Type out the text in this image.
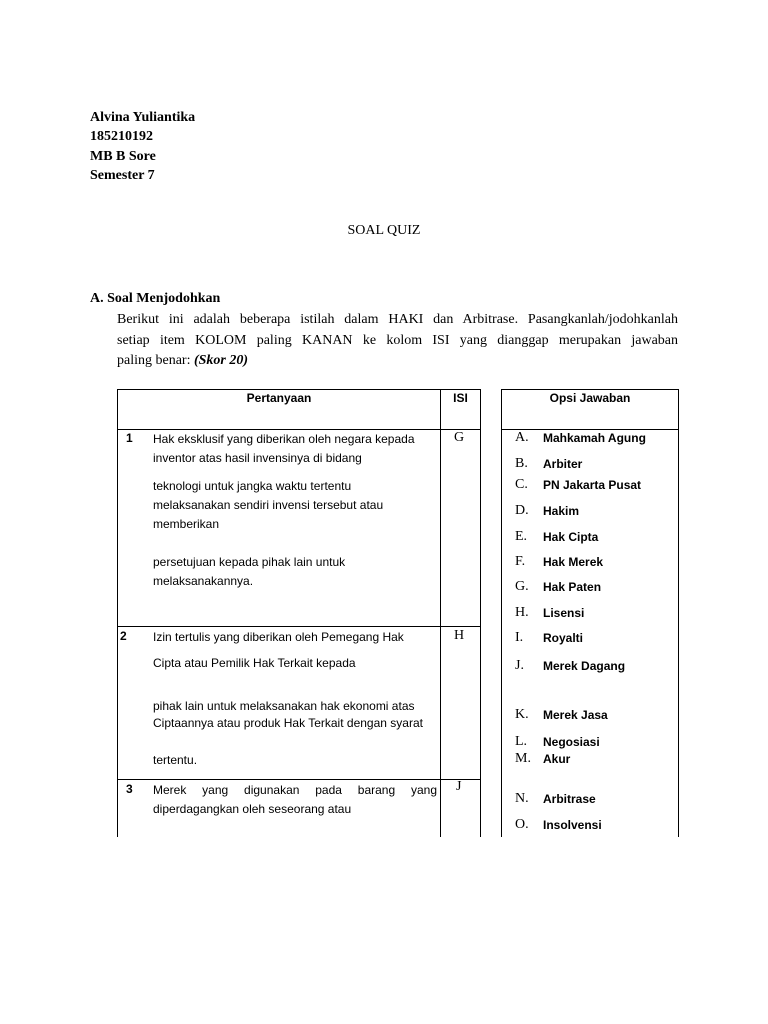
Alvina Yuliantika
185210192
MB B Sore
Semester 7
SOAL QUIZ
A. Soal Menjodohkan
Berikut ini adalah beberapa istilah dalam HAKI dan Arbitrase. Pasangkanlah/jodohkanlah
setiap item KOLOM paling KANAN ke kolom ISI yang dianggap merupakan jawaban
paling benar: (Skor 20)
Pertanyaan	ISI	Opsi Jawaban
1 Hak eksklusif yang diberikan oleh negara kepada
inventor atas hasil invensinya di bidang
teknologi untuk jangka waktu tertentu
melaksanakan sendiri invensi tersebut atau
memberikan
persetujuan kepada pihak lain untuk
melaksanakannya.
G
2 Izin tertulis yang diberikan oleh Pemegang Hak
Cipta atau Pemilik Hak Terkait kepada
pihak lain untuk melaksanakan hak ekonomi atas
Ciptaannya atau produk Hak Terkait dengan syarat
tertentu.
H
3 Merek yang digunakan pada barang yang
diperdagangkan oleh seseorang atau
J
A. Mahkamah Agung
B. Arbiter
C. PN Jakarta Pusat
D. Hakim
E. Hak Cipta
F. Hak Merek
G. Hak Paten
H. Lisensi
I. Royalti
J. Merek Dagang
K. Merek Jasa
L. Negosiasi
M. Akur
N. Arbitrase
O. Insolvensi
